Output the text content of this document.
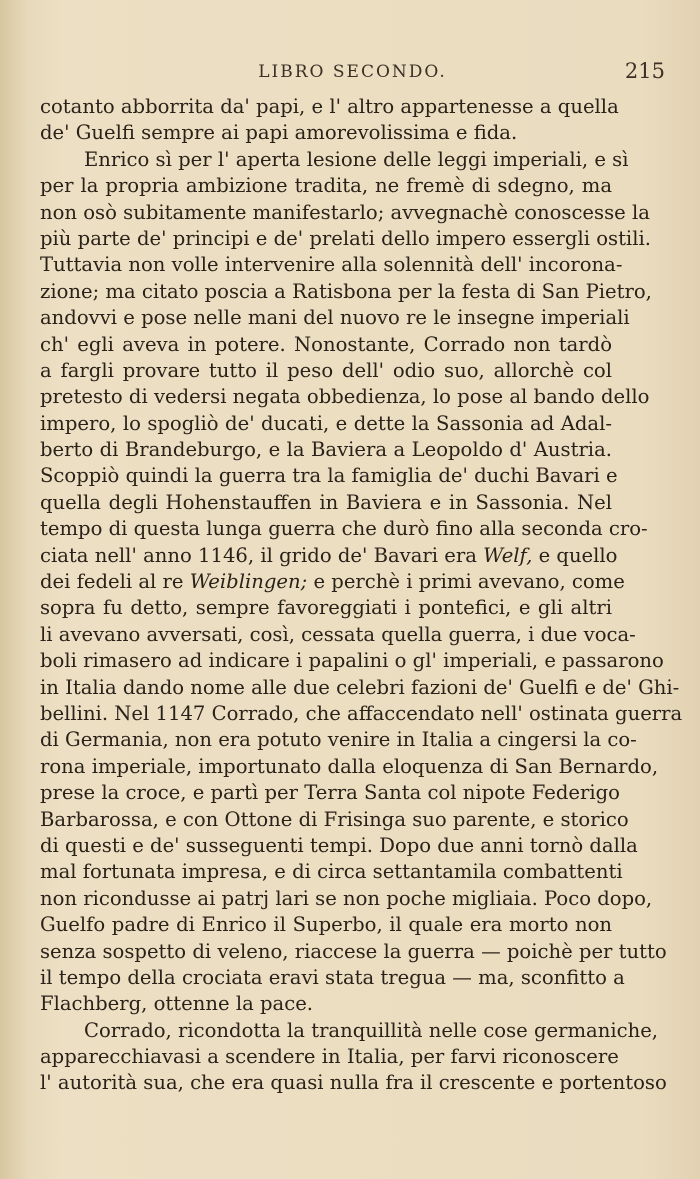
LIBRO SECONDO.	215
cotanto abborrita da' papi, e l' altro appartenesse a quella
de' Guelfi sempre ai papi amorevolissima e fida.
Enrico sì per l' aperta lesione delle leggi imperiali, e sì
per la propria ambizione tradita, ne fremè di sdegno, ma
non osò subitamente manifestarlo; avvegnachè conoscesse la
più parte de' principi e de' prelati dello impero essergli ostili.
Tuttavia non volle intervenire alla solennità dell' incorona-
zione; ma citato poscia a Ratisbona per la festa di San Pietro,
andovvi e pose nelle mani del nuovo re le insegne imperiali
ch' egli aveva in potere. Nonostante, Corrado non tardò
a fargli provare tutto il peso dell' odio suo, allorchè col
pretesto di vedersi negata obbedienza, lo pose al bando dello
impero, lo spogliò de' ducati, e dette la Sassonia ad Adal-
berto di Brandeburgo, e la Baviera a Leopoldo d' Austria.
Scoppiò quindi la guerra tra la famiglia de' duchi Bavari e
quella degli Hohenstauffen in Baviera e in Sassonia. Nel
tempo di questa lunga guerra che durò fino alla seconda cro-
ciata nell' anno 1146, il grido de' Bavari era Welf, e quello
dei fedeli al re Weiblingen; e perchè i primi avevano, come
sopra fu detto, sempre favoreggiati i pontefici, e gli altri
li avevano avversati, così, cessata quella guerra, i due voca-
boli rimasero ad indicare i papalini o gl' imperiali, e passarono
in Italia dando nome alle due celebri fazioni de' Guelfi e de' Ghi-
bellini. Nel 1147 Corrado, che affaccendato nell' ostinata guerra
di Germania, non era potuto venire in Italia a cingersi la co-
rona imperiale, importunato dalla eloquenza di San Bernardo,
prese la croce, e partì per Terra Santa col nipote Federigo
Barbarossa, e con Ottone di Frisinga suo parente, e storico
di questi e de' susseguenti tempi. Dopo due anni tornò dalla
mal fortunata impresa, e di circa settantamila combattenti
non ricondusse ai patrj lari se non poche migliaia. Poco dopo,
Guelfo padre di Enrico il Superbo, il quale era morto non
senza sospetto di veleno, riaccese la guerra — poichè per tutto
il tempo della crociata eravi stata tregua — ma, sconfitto a
Flachberg, ottenne la pace.
Corrado, ricondotta la tranquillità nelle cose germaniche,
apparecchiavasi a scendere in Italia, per farvi riconoscere
l' autorità sua, che era quasi nulla fra il crescente e portentoso
